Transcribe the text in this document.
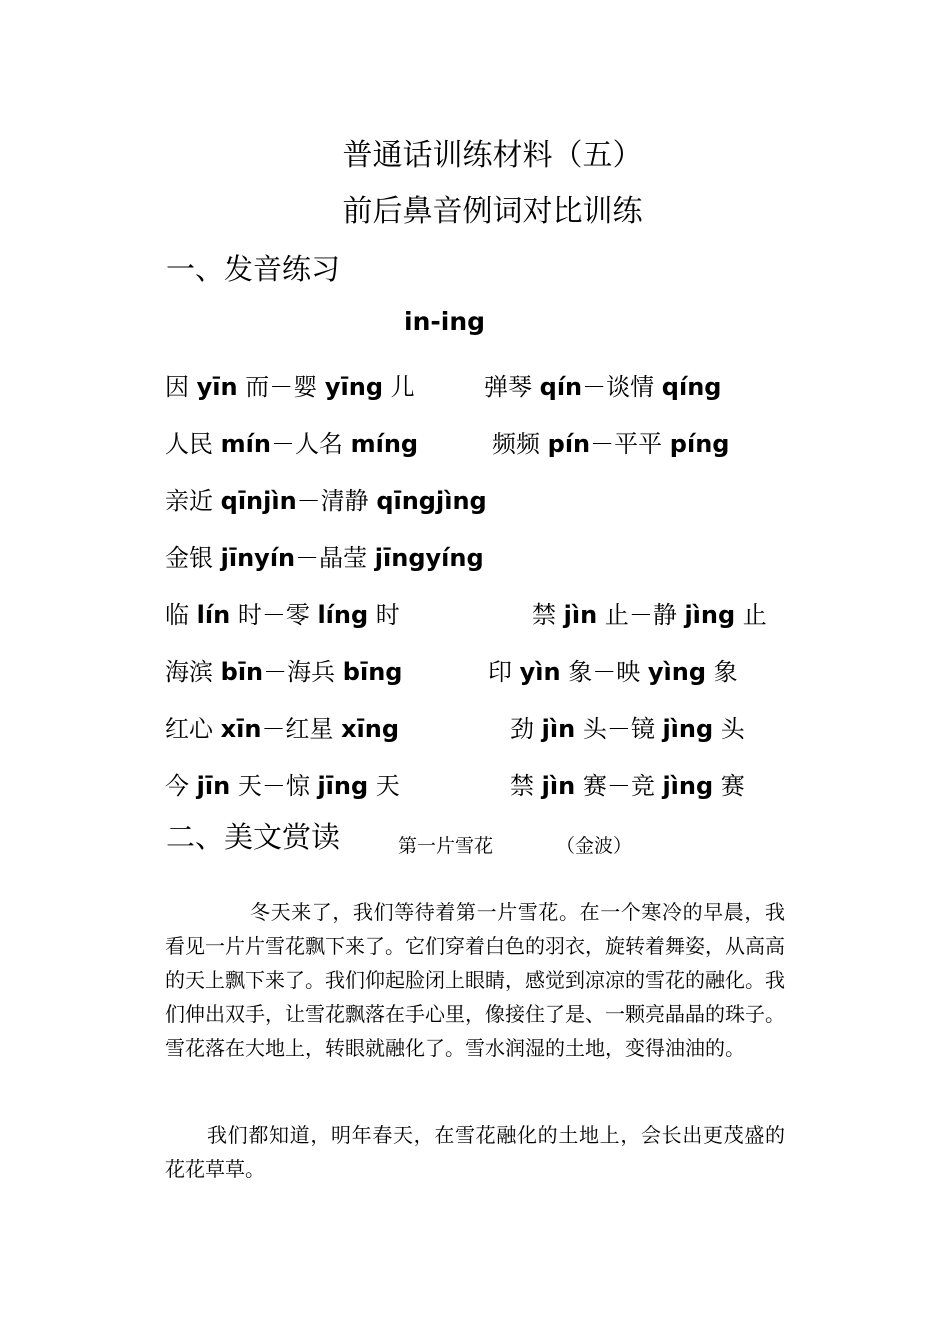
普通话训练材料（五）
前后鼻音例词对比训练
一、发音练习
in-ing
因 yīn 而－婴 yīng 儿	弹琴 qín－谈情 qíng
人民 mín－人名 míng	频频 pín－平平 píng
亲近 qīnjìn－清静 qīngjìng
金银 jīnyín－晶莹 jīngyíng
临 lín 时－零 líng 时	禁 jìn 止－静 jìng 止
海滨 bīn－海兵 bīng	印 yìn 象－映 yìng 象
红心 xīn－红星 xīng	劲 jìn 头－镜 jìng 头
今 jīn 天－惊 jīng 天	禁 jìn 赛－竞 jìng 赛
二、美文赏读	第一片雪花	（金波）
冬天来了，我们等待着第一片雪花。在一个寒冷的早晨，我看见一片片雪花飘下来了。它们穿着白色的羽衣，旋转着舞姿，从高高的天上飘下来了。我们仰起脸闭上眼睛，感觉到凉凉的雪花的融化。我们伸出双手，让雪花飘落在手心里，像接住了是、一颗亮晶晶的珠子。雪花落在大地上，转眼就融化了。雪水润湿的土地，变得油油的。
我们都知道，明年春天，在雪花融化的土地上，会长出更茂盛的花花草草。
